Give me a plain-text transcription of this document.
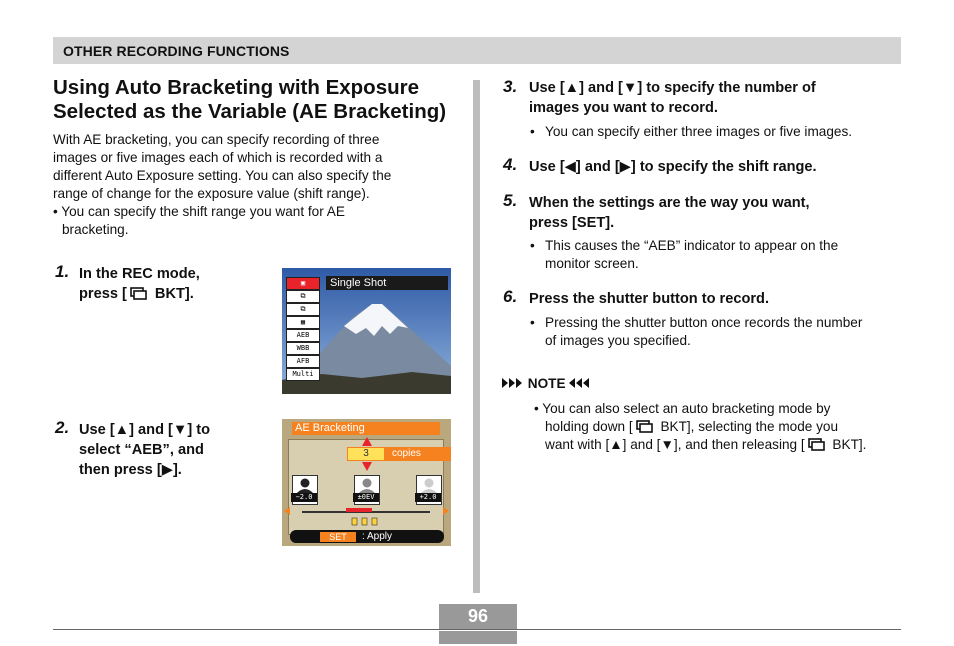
OTHER RECORDING FUNCTIONS
Using Auto Bracketing with Exposure
Selected as the Variable (AE Bracketing)
With AE bracketing, you can specify recording of three
images or five images each of which is recorded with a
different Auto Exposure setting. You can also specify the
range of change for the exposure value (shift range).
• You can specify the shift range you want for AE
bracketing.
1. In the REC mode,
press [ BKT].
Single Shot
▣
⧉
⧉
▦
AEB
WBB
AFB
Multi
2. Use [▲] and [▼] to
select “AEB”, and
then press [▶].
AE Bracketing
3	copies
−2.0	±0EV	+2.0
SET	: Apply
3. Use [▲] and [▼] to specify the number of
images you want to record.
• You can specify either three images or five images.
4. Use [◀] and [▶] to specify the shift range.
5. When the settings are the way you want,
press [SET].
• This causes the “AEB” indicator to appear on the
monitor screen.
6. Press the shutter button to record.
• Pressing the shutter button once records the number
of images you specified.
NOTE
• You can also select an auto bracketing mode by
holding down [ BKT], selecting the mode you
want with [▲] and [▼], and then releasing [ BKT].
96
